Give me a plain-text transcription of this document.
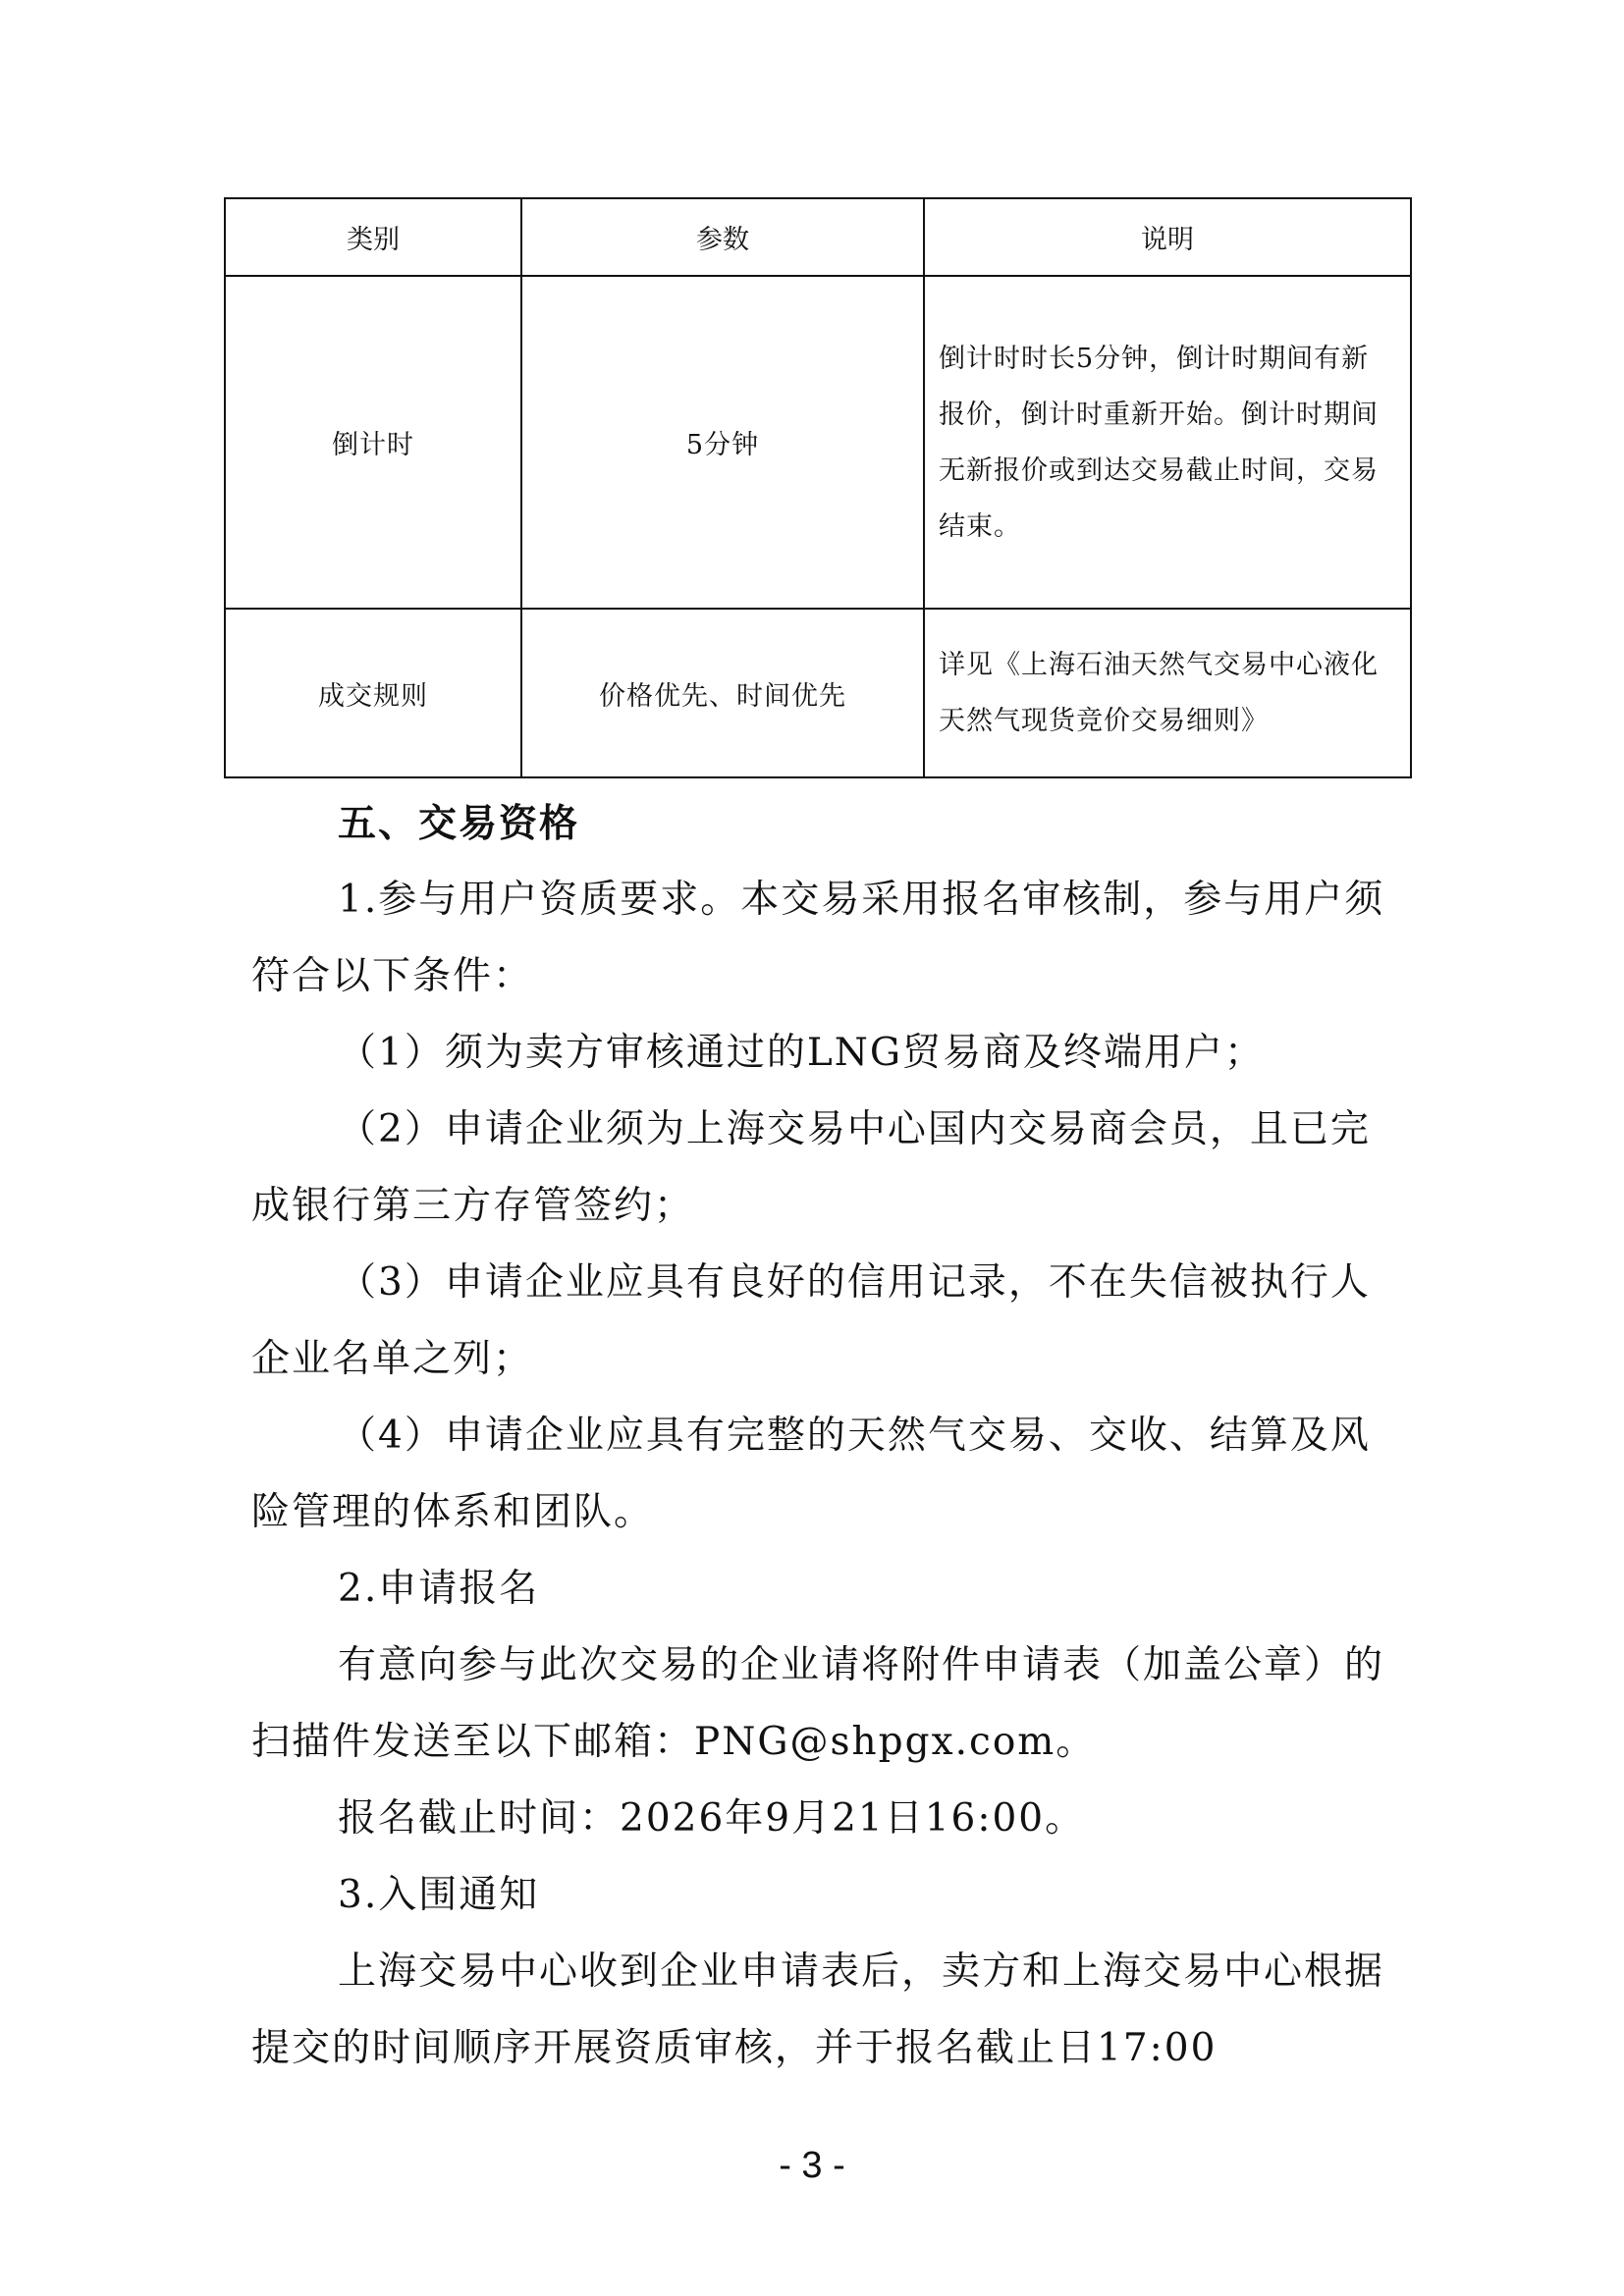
类别	参数	说明
倒计时	5分钟	倒计时时长5分钟，倒计时期间有新报价，倒计时重新开始。倒计时期间无新报价或到达交易截止时间，交易结束。
成交规则	价格优先、时间优先	详见《上海石油天然气交易中心液化天然气现货竞价交易细则》

五、交易资格

1.参与用户资质要求。本交易采用报名审核制，参与用户须符合以下条件：

（1）须为卖方审核通过的LNG贸易商及终端用户；

（2）申请企业须为上海交易中心国内交易商会员，且已完成银行第三方存管签约；

（3）申请企业应具有良好的信用记录，不在失信被执行人企业名单之列；

（4）申请企业应具有完整的天然气交易、交收、结算及风险管理的体系和团队。

2.申请报名

有意向参与此次交易的企业请将附件申请表（加盖公章）的扫描件发送至以下邮箱：PNG@shpgx.com。

报名截止时间：2026年9月21日16:00。

3.入围通知

上海交易中心收到企业申请表后，卖方和上海交易中心根据提交的时间顺序开展资质审核，并于报名截止日17:00

- 3 -
